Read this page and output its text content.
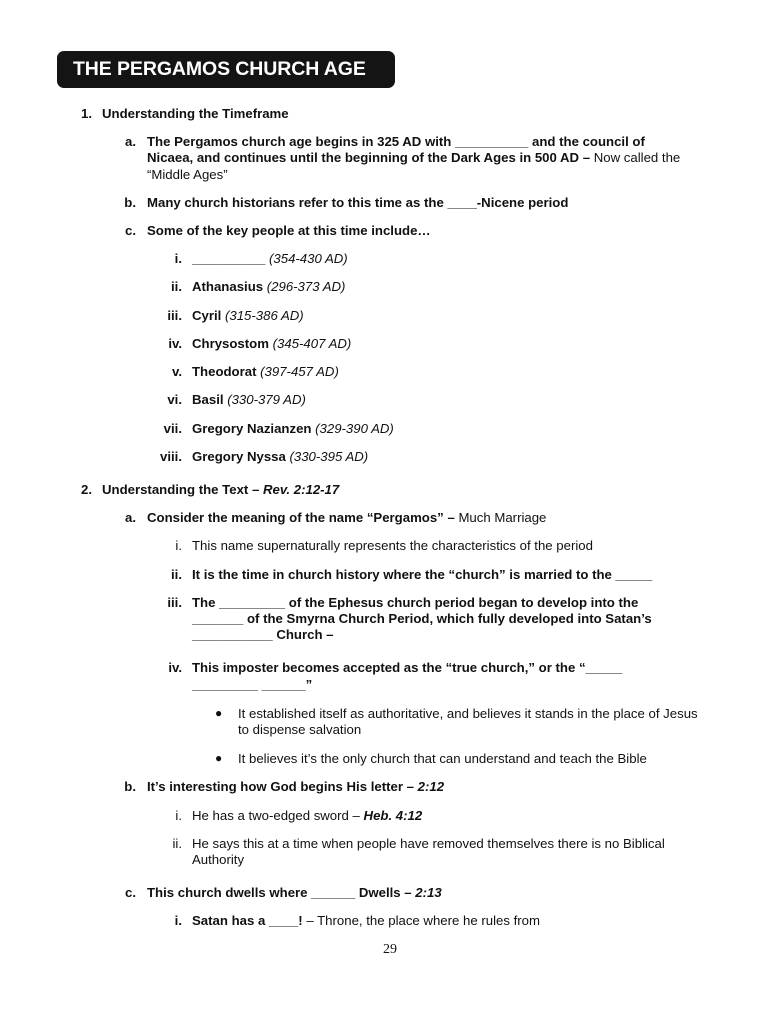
THE PERGAMOS CHURCH AGE
1. Understanding the Timeframe
a. The Pergamos church age begins in 325 AD with __________ and the council of
Nicaea, and continues until the beginning of the Dark Ages in 500 AD – Now called the
“Middle Ages”
b. Many church historians refer to this time as the ____-Nicene period
c. Some of the key people at this time include…
i. __________ (354-430 AD)
ii. Athanasius (296-373 AD)
iii. Cyril (315-386 AD)
iv. Chrysostom (345-407 AD)
v. Theodorat (397-457 AD)
vi. Basil (330-379 AD)
vii. Gregory Nazianzen (329-390 AD)
viii. Gregory Nyssa (330-395 AD)
2. Understanding the Text – Rev. 2:12-17
a. Consider the meaning of the name “Pergamos” – Much Marriage
i. This name supernaturally represents the characteristics of the period
ii. It is the time in church history where the “church” is married to the _____
iii. The _________ of the Ephesus church period began to develop into the
_______ of the Smyrna Church Period, which fully developed into Satan’s
___________ Church –
iv. This imposter becomes accepted as the “true church,” or the “_____
_________ ______”
● It established itself as authoritative, and believes it stands in the place of Jesus
to dispense salvation
● It believes it’s the only church that can understand and teach the Bible
b. It’s interesting how God begins His letter – 2:12
i. He has a two-edged sword – Heb. 4:12
ii. He says this at a time when people have removed themselves there is no Biblical
Authority
c. This church dwells where ______ Dwells – 2:13
i. Satan has a ____! – Throne, the place where he rules from
29
